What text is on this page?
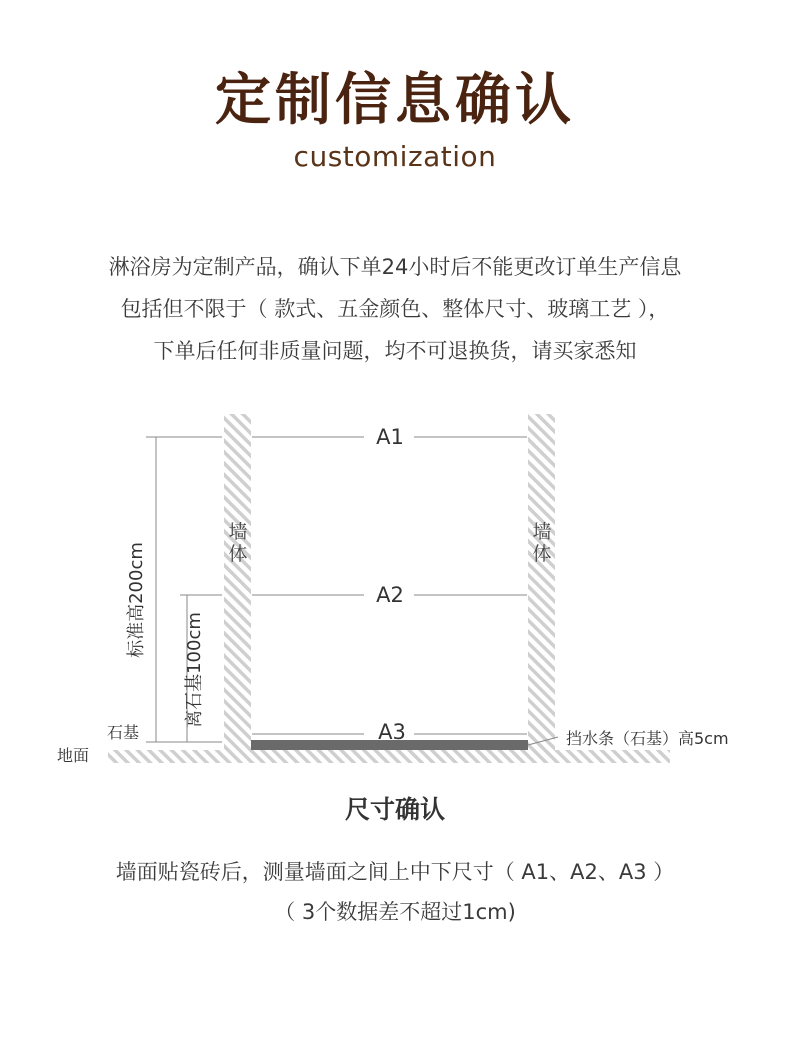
定制信息确认
customization
淋浴房为定制产品，确认下单24小时后不能更改订单生产信息
包括但不限于（ 款式、五金颜色、整体尺寸、玻璃工艺 ），
下单后任何非质量问题，均不可退换货，请买家悉知
A1
A2
A3
墙体
墙体
标准高200cm
离石基100cm
石基
地面
挡水条（石基）高5cm
尺寸确认
墙面贴瓷砖后，测量墙面之间上中下尺寸（ A1、A2、A3 ）
（ 3个数据差不超过1cm)
